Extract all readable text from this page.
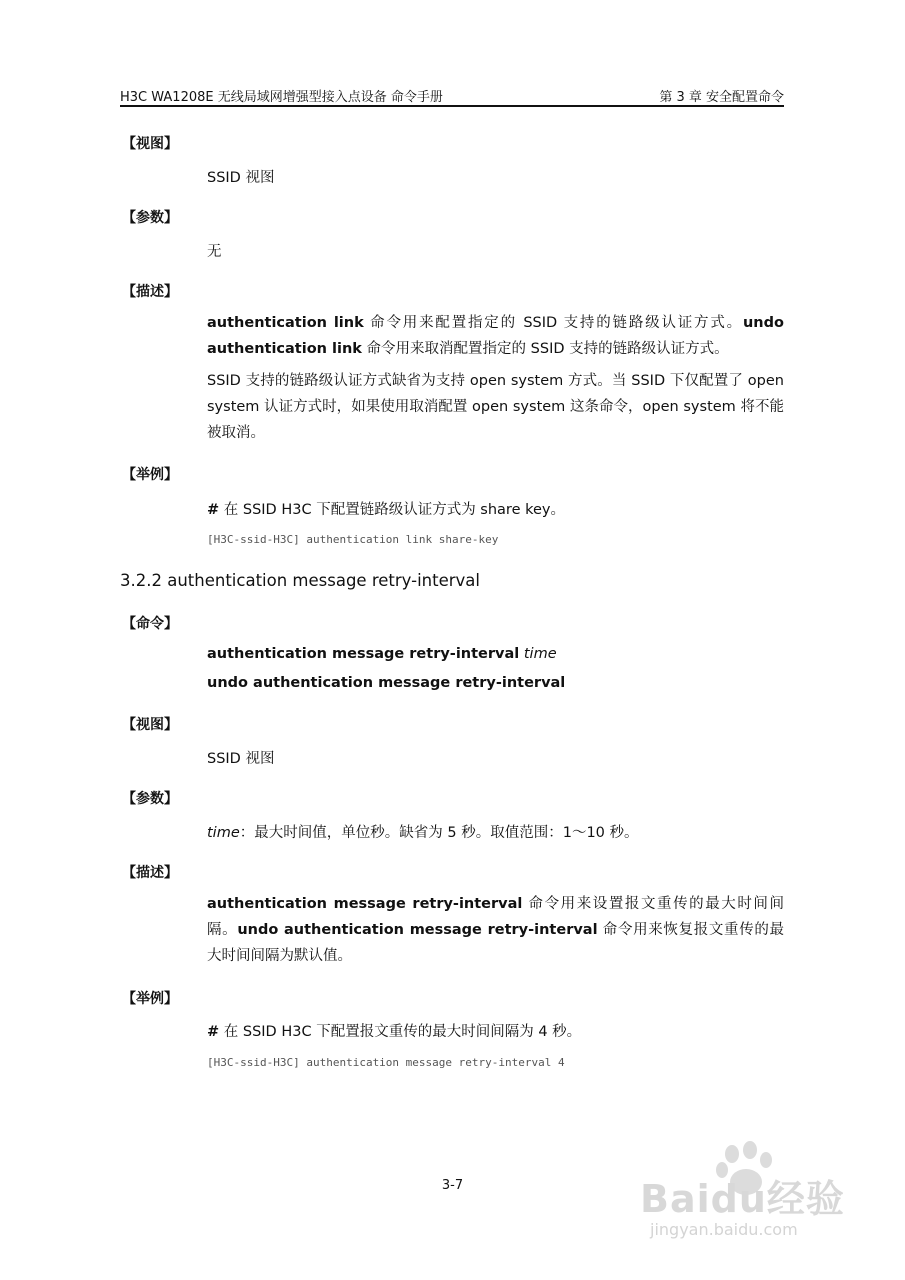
H3C WA1208E 无线局域网增强型接入点设备 命令手册	第 3 章 安全配置命令
【视图】
SSID 视图
【参数】
无
【描述】
authentication link 命令用来配置指定的 SSID 支持的链路级认证方式。undo authentication link 命令用来取消配置指定的 SSID 支持的链路级认证方式。
SSID 支持的链路级认证方式缺省为支持 open system 方式。当 SSID 下仅配置了 open system 认证方式时，如果使用取消配置 open system 这条命令，open system 将不能被取消。
【举例】
# 在 SSID H3C 下配置链路级认证方式为 share key。
[H3C-ssid-H3C] authentication link share-key
3.2.2 authentication message retry-interval
【命令】
authentication message retry-interval time
undo authentication message retry-interval
【视图】
SSID 视图
【参数】
time：最大时间值，单位秒。缺省为 5 秒。取值范围：1～10 秒。
【描述】
authentication message retry-interval 命令用来设置报文重传的最大时间间隔。undo authentication message retry-interval 命令用来恢复报文重传的最大时间间隔为默认值。
【举例】
# 在 SSID H3C 下配置报文重传的最大时间间隔为 4 秒。
[H3C-ssid-H3C] authentication message retry-interval 4
3-7	Baidu经验
jingyan.baidu.com
